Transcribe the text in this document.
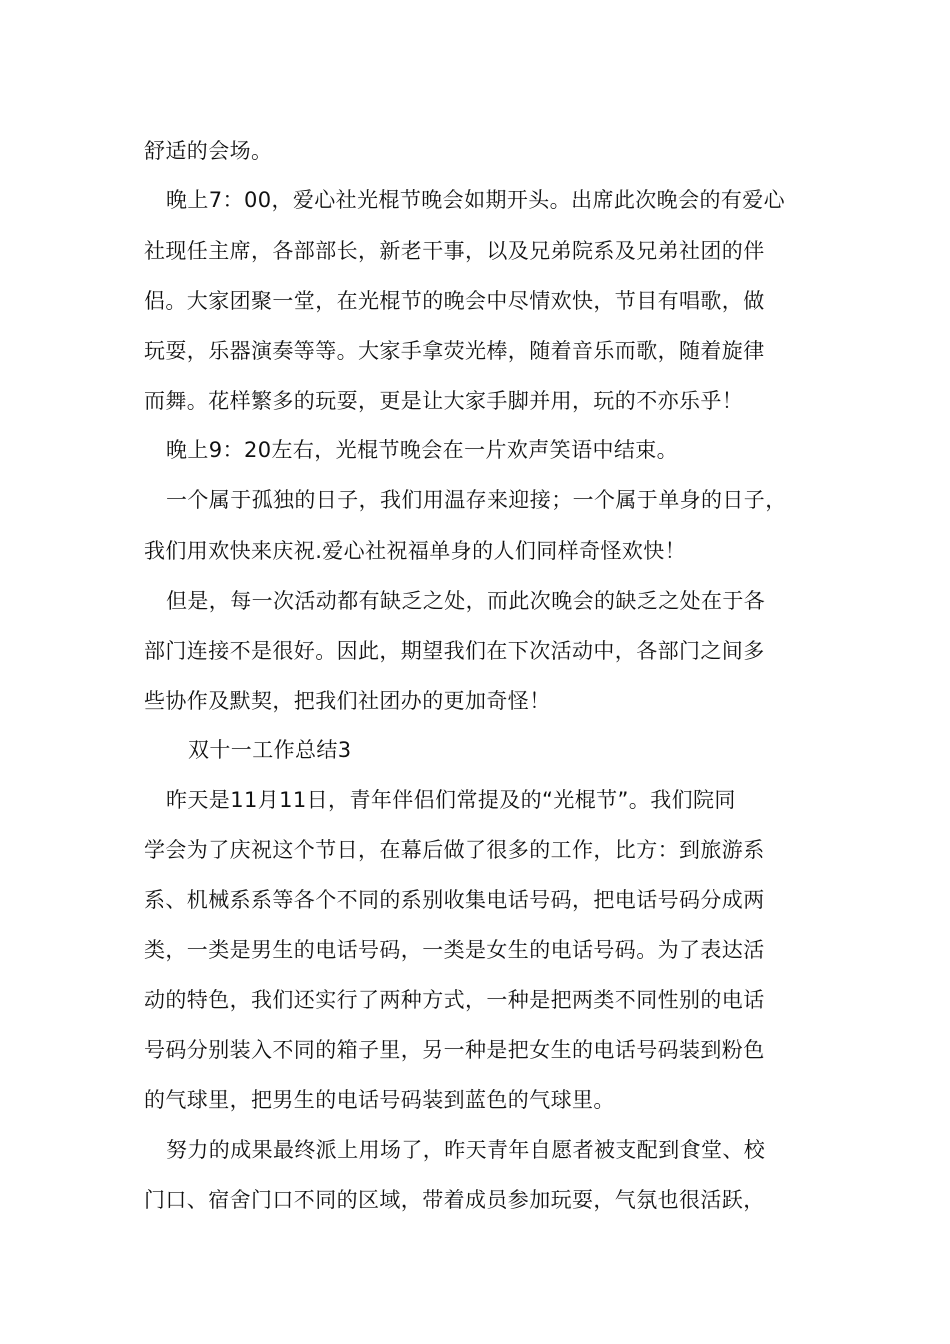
舒适的会场。
晚上7：00，爱心社光棍节晚会如期开头。出席此次晚会的有爱心
社现任主席，各部部长，新老干事，以及兄弟院系及兄弟社团的伴
侣。大家团聚一堂，在光棍节的晚会中尽情欢快，节目有唱歌，做
玩耍，乐器演奏等等。大家手拿荧光棒，随着音乐而歌，随着旋律
而舞。花样繁多的玩耍，更是让大家手脚并用，玩的不亦乐乎！
晚上9：20左右，光棍节晚会在一片欢声笑语中结束。
一个属于孤独的日子，我们用温存来迎接；一个属于单身的日子，
我们用欢快来庆祝.爱心社祝福单身的人们同样奇怪欢快！
但是，每一次活动都有缺乏之处，而此次晚会的缺乏之处在于各
部门连接不是很好。因此，期望我们在下次活动中，各部门之间多
些协作及默契，把我们社团办的更加奇怪！
双十一工作总结3
昨天是11月11日，青年伴侣们常提及的“光棍节”。我们院同
学会为了庆祝这个节日，在幕后做了很多的工作，比方：到旅游系
系、机械系系等各个不同的系别收集电话号码，把电话号码分成两
类，一类是男生的电话号码，一类是女生的电话号码。为了表达活
动的特色，我们还实行了两种方式，一种是把两类不同性别的电话
号码分别装入不同的箱子里，另一种是把女生的电话号码装到粉色
的气球里，把男生的电话号码装到蓝色的气球里。
努力的成果最终派上用场了，昨天青年自愿者被支配到食堂、校
门口、宿舍门口不同的区域，带着成员参加玩耍，气氛也很活跃，
